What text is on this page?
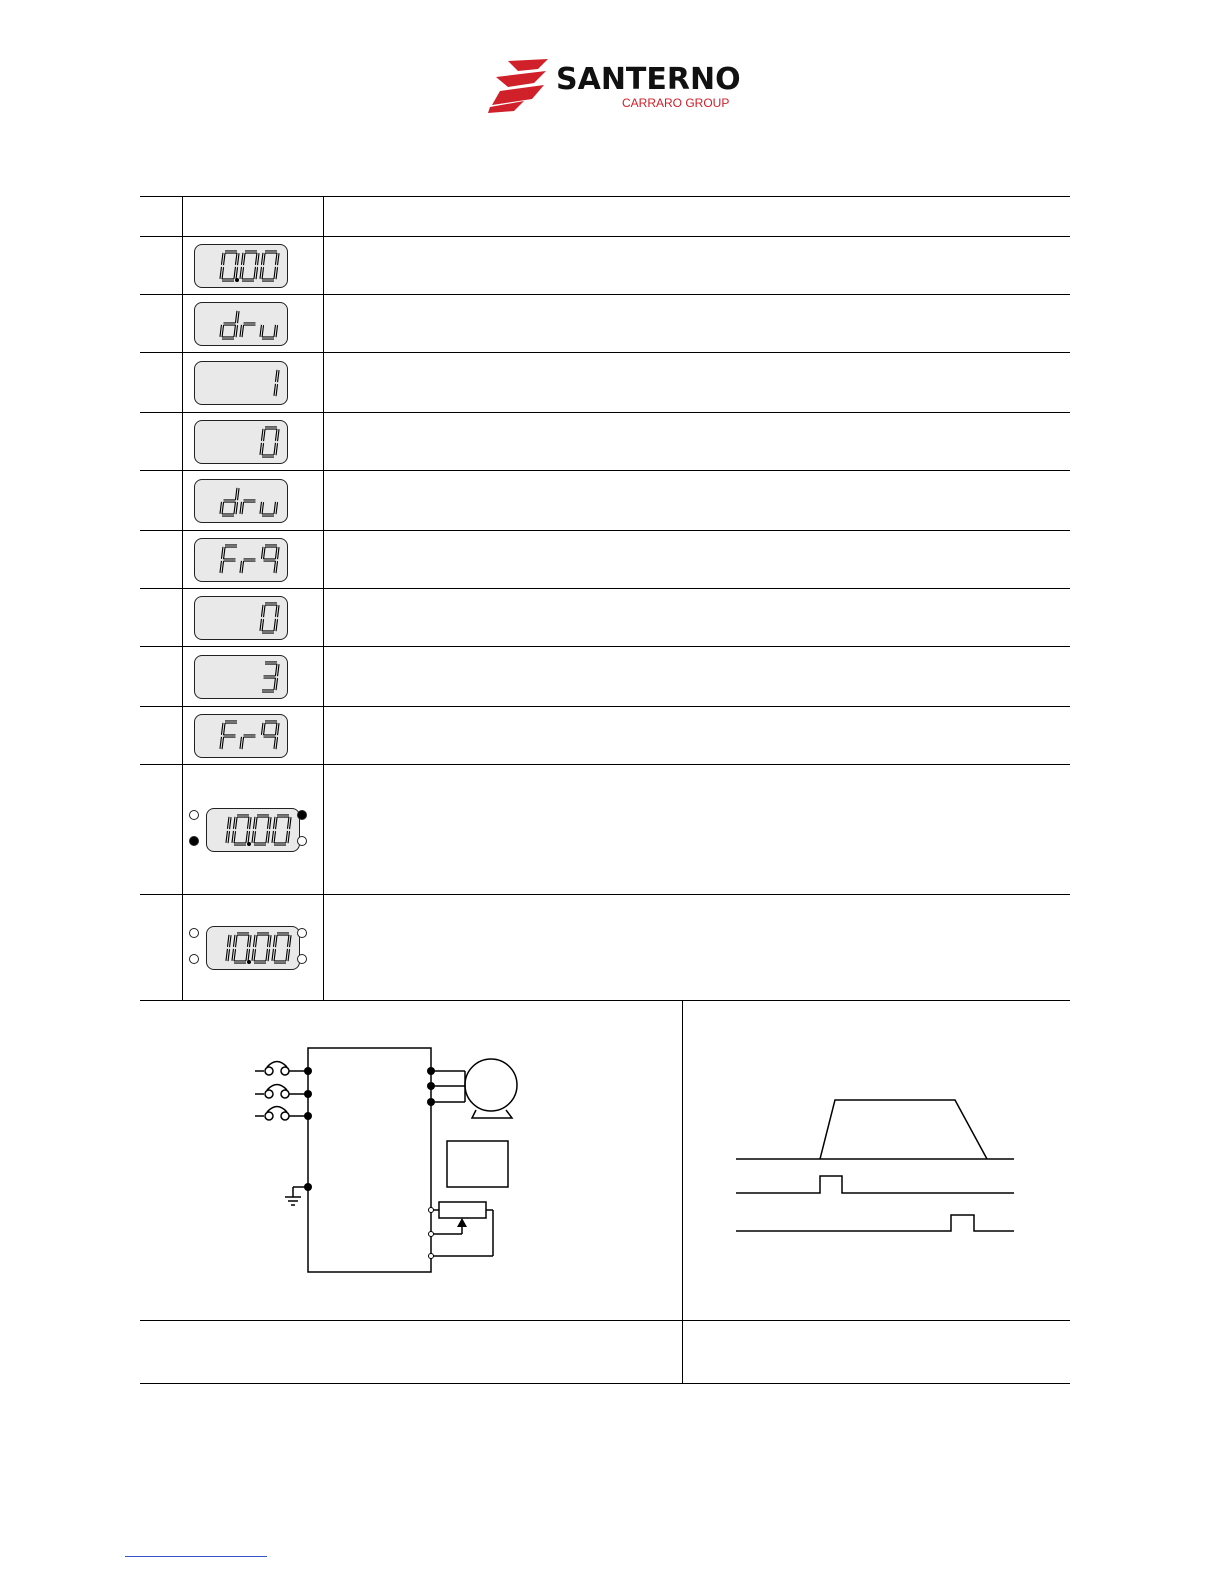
SANTERNO
CARRARO GROUP
